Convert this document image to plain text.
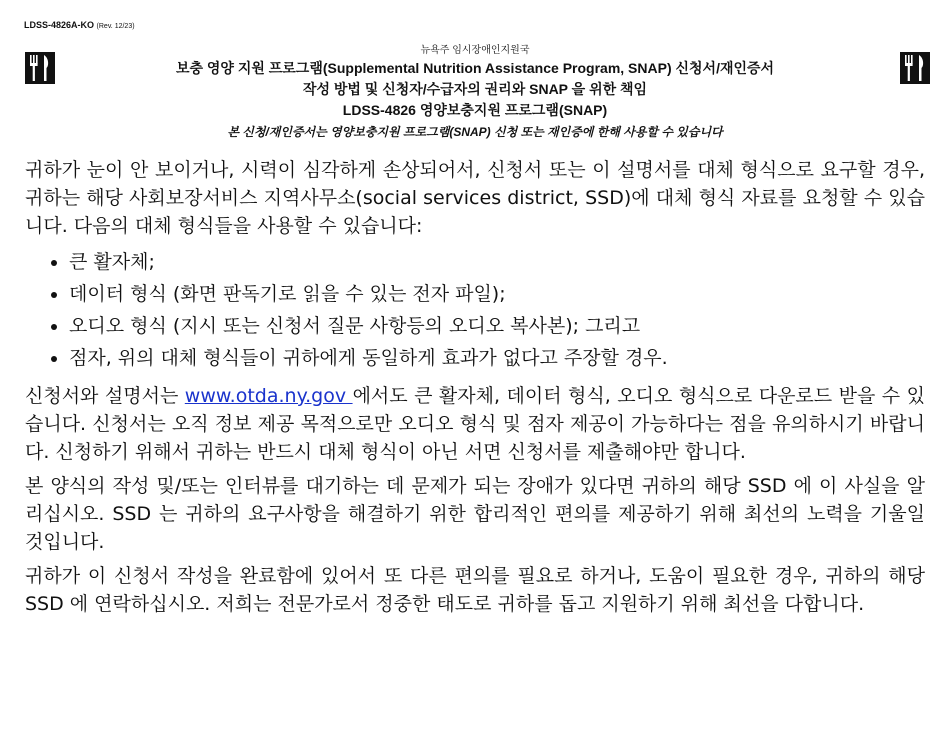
LDSS-4826A-KO (Rev. 12/23)
뉴욕주 임시장애인지원국
보충 영양 지원 프로그램(Supplemental Nutrition Assistance Program, SNAP) 신청서/재인증서
작성 방법 및 신청자/수급자의 권리와 SNAP 을 위한 책임
LDSS-4826 영양보충지원 프로그램(SNAP)
본 신청/재인증서는 영양보충지원 프로그램(SNAP) 신청 또는 재인증에 한해 사용할 수 있습니다

귀하가 눈이 안 보이거나, 시력이 심각하게 손상되어서, 신청서 또는 이 설명서를 대체 형식으로 요구할 경우, 귀하는 해당 사회보장서비스 지역사무소(social services district, SSD)에 대체 형식 자료를 요청할 수 있습니다. 다음의 대체 형식들을 사용할 수 있습니다:

• 큰 활자체;
• 데이터 형식 (화면 판독기로 읽을 수 있는 전자 파일);
• 오디오 형식 (지시 또는 신청서 질문 사항등의 오디오 복사본); 그리고
• 점자, 위의 대체 형식들이 귀하에게 동일하게 효과가 없다고 주장할 경우.

신청서와 설명서는 www.otda.ny.gov 에서도 큰 활자체, 데이터 형식, 오디오 형식으로 다운로드 받을 수 있습니다. 신청서는 오직 정보 제공 목적으로만 오디오 형식 및 점자 제공이 가능하다는 점을 유의하시기 바랍니다. 신청하기 위해서 귀하는 반드시 대체 형식이 아닌 서면 신청서를 제출해야만 합니다.

본 양식의 작성 및/또는 인터뷰를 대기하는 데 문제가 되는 장애가 있다면 귀하의 해당 SSD 에 이 사실을 알리십시오. SSD 는 귀하의 요구사항을 해결하기 위한 합리적인 편의를 제공하기 위해 최선의 노력을 기울일 것입니다.

귀하가 이 신청서 작성을 완료함에 있어서 또 다른 편의를 필요로 하거나, 도움이 필요한 경우, 귀하의 해당 SSD 에 연락하십시오. 저희는 전문가로서 정중한 태도로 귀하를 돕고 지원하기 위해 최선을 다합니다.
